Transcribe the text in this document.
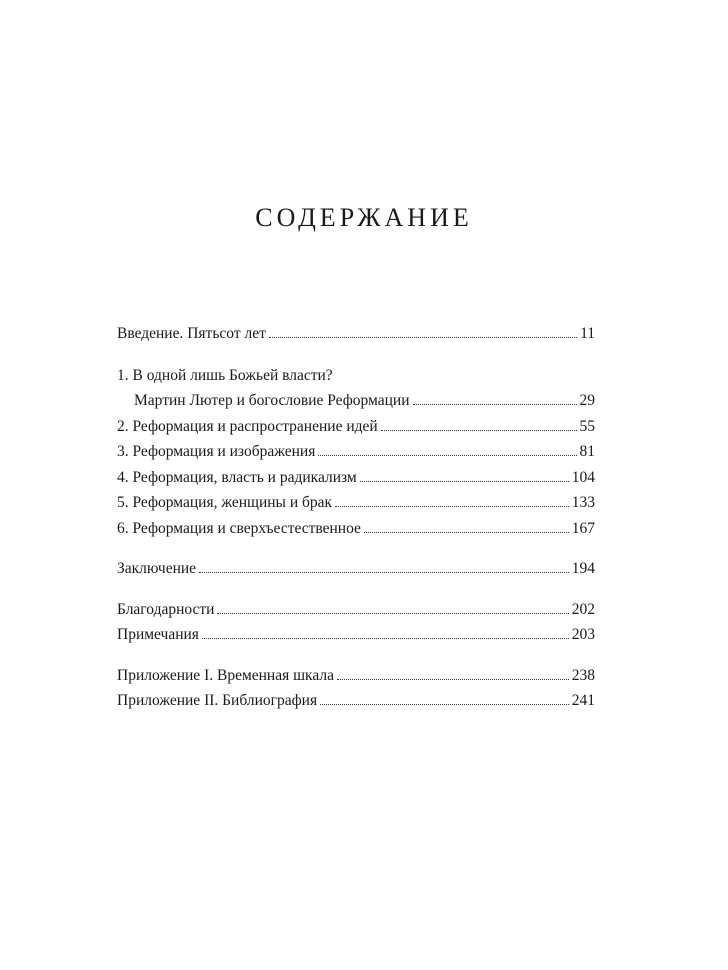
СОДЕРЖАНИЕ
Введение. Пятьсот лет	11
1. В одной лишь Божьей власти?
Мартин Лютер и богословие Реформации	29
2. Реформация и распространение идей	55
3. Реформация и изображения	81
4. Реформация, власть и радикализм	104
5. Реформация, женщины и брак	133
6. Реформация и сверхъестественное	167
Заключение	194
Благодарности	202
Примечания	203
Приложение I. Временная шкала	238
Приложение II. Библиография	241
